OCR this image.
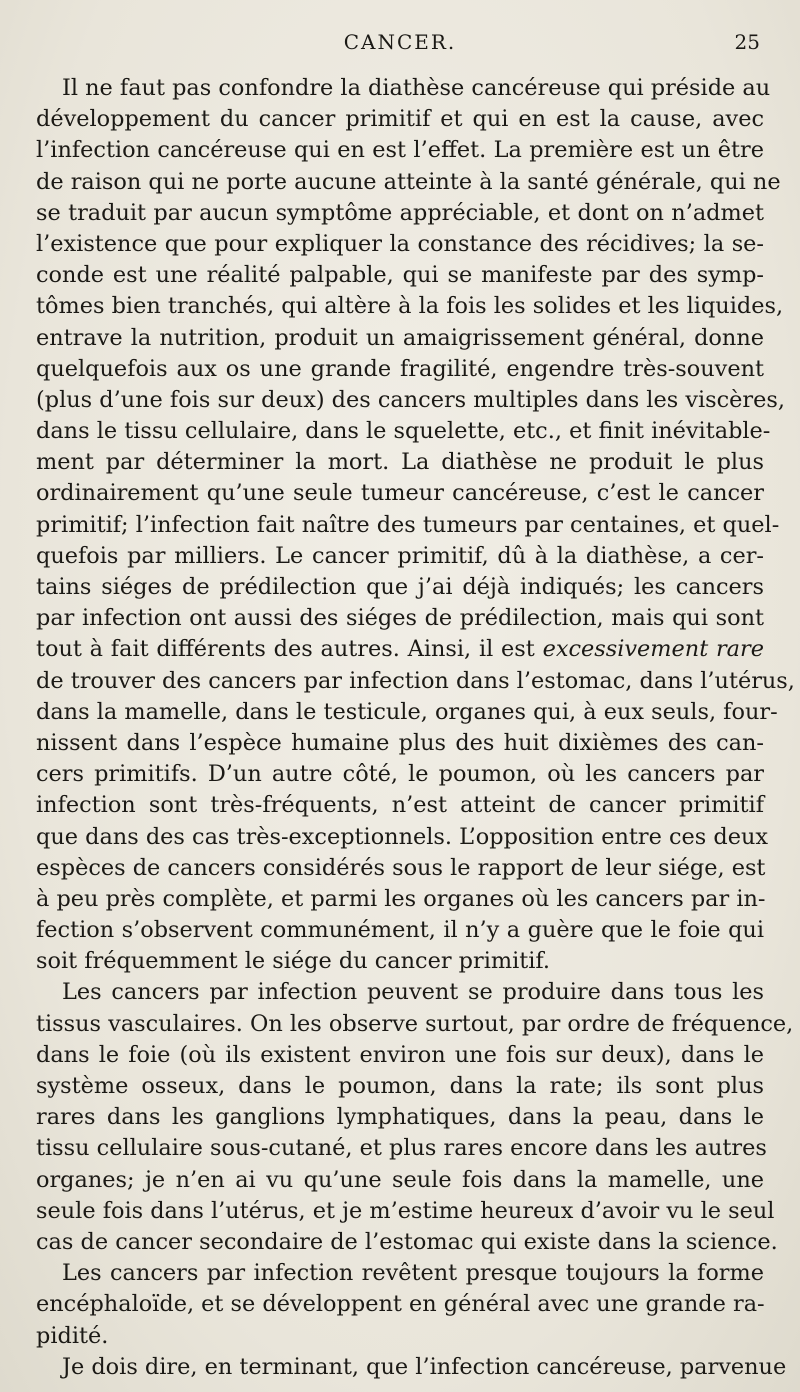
CANCER.	25
Il ne faut pas confondre la diathèse cancéreuse qui préside au
développement du cancer primitif et qui en est la cause, avec
l’infection cancéreuse qui en est l’effet. La première est un être
de raison qui ne porte aucune atteinte à la santé générale, qui ne
se traduit par aucun symptôme appréciable, et dont on n’admet
l’existence que pour expliquer la constance des récidives; la se-
conde est une réalité palpable, qui se manifeste par des symp-
tômes bien tranchés, qui altère à la fois les solides et les liquides,
entrave la nutrition, produit un amaigrissement général, donne
quelquefois aux os une grande fragilité, engendre très-souvent
(plus d’une fois sur deux) des cancers multiples dans les viscères,
dans le tissu cellulaire, dans le squelette, etc., et finit inévitable-
ment par déterminer la mort. La diathèse ne produit le plus
ordinairement qu’une seule tumeur cancéreuse, c’est le cancer
primitif; l’infection fait naître des tumeurs par centaines, et quel-
quefois par milliers. Le cancer primitif, dû à la diathèse, a cer-
tains siéges de prédilection que j’ai déjà indiqués; les cancers
par infection ont aussi des siéges de prédilection, mais qui sont
tout à fait différents des autres. Ainsi, il est excessivement rare
de trouver des cancers par infection dans l’estomac, dans l’utérus,
dans la mamelle, dans le testicule, organes qui, à eux seuls, four-
nissent dans l’espèce humaine plus des huit dixièmes des can-
cers primitifs. D’un autre côté, le poumon, où les cancers par
infection sont très-fréquents, n’est atteint de cancer primitif
que dans des cas très-exceptionnels. L’opposition entre ces deux
espèces de cancers considérés sous le rapport de leur siége, est
à peu près complète, et parmi les organes où les cancers par in-
fection s’observent communément, il n’y a guère que le foie qui
soit fréquemment le siége du cancer primitif.
Les cancers par infection peuvent se produire dans tous les
tissus vasculaires. On les observe surtout, par ordre de fréquence,
dans le foie (où ils existent environ une fois sur deux), dans le
système osseux, dans le poumon, dans la rate; ils sont plus
rares dans les ganglions lymphatiques, dans la peau, dans le
tissu cellulaire sous-cutané, et plus rares encore dans les autres
organes; je n’en ai vu qu’une seule fois dans la mamelle, une
seule fois dans l’utérus, et je m’estime heureux d’avoir vu le seul
cas de cancer secondaire de l’estomac qui existe dans la science.
Les cancers par infection revêtent presque toujours la forme
encéphaloïde, et se développent en général avec une grande ra-
pidité.
Je dois dire, en terminant, que l’infection cancéreuse, parvenue
